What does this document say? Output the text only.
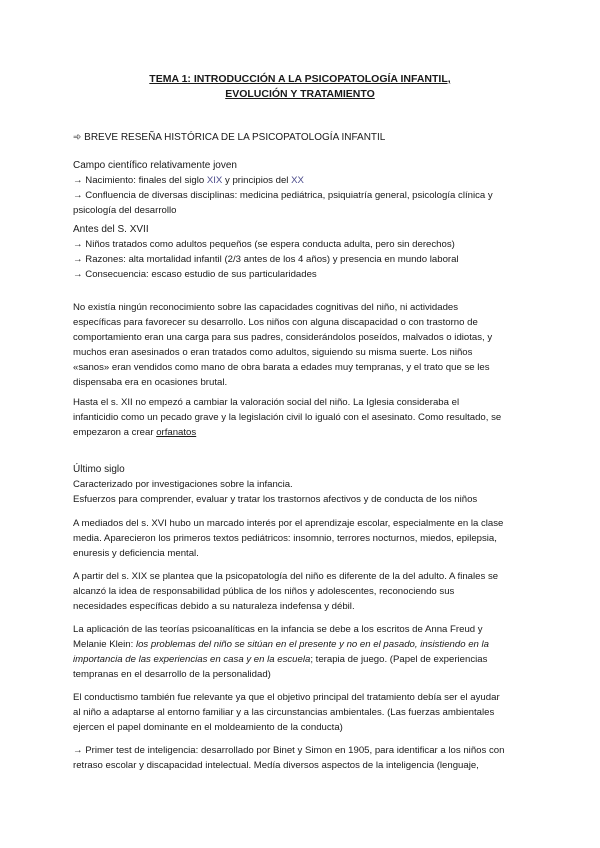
TEMA 1: INTRODUCCIÓN A LA PSICOPATOLOGÍA INFANTIL,
EVOLUCIÓN Y TRATAMIENTO
➾ BREVE RESEÑA HISTÓRICA DE LA PSICOPATOLOGÍA INFANTIL

Campo científico relativamente joven

→ Nacimiento: finales del siglo XIX y principios del XX

→ Confluencia de diversas disciplinas: medicina pediátrica, psiquiatría general, psicología clínica y

psicología del desarrollo

Antes del S. XVII

→ Niños tratados como adultos pequeños (se espera conducta adulta, pero sin derechos)

→ Razones: alta mortalidad infantil (2/3 antes de los 4 años) y presencia en mundo laboral

→ Consecuencia: escaso estudio de sus particularidades

No existía ningún reconocimiento sobre las capacidades cognitivas del niño, ni actividades

específicas para favorecer su desarrollo. Los niños con alguna discapacidad o con trastorno de

comportamiento eran una carga para sus padres, considerándolos poseídos, malvados o idiotas, y

muchos eran asesinados o eran tratados como adultos, siguiendo su misma suerte. Los niños

«sanos» eran vendidos como mano de obra barata a edades muy tempranas, y el trato que se les

dispensaba era en ocasiones brutal.

Hasta el s. XII no empezó a cambiar la valoración social del niño. La Iglesia consideraba el

infanticidio como un pecado grave y la legislación civil lo igualó con el asesinato. Como resultado, se

empezaron a crear orfanatos

Último siglo

Caracterizado por investigaciones sobre la infancia.

Esfuerzos para comprender, evaluar y tratar los trastornos afectivos y de conducta de los niños

A mediados del s. XVI hubo un marcado interés por el aprendizaje escolar, especialmente en la clase

media. Aparecieron los primeros textos pediátricos: insomnio, terrores nocturnos, miedos, epilepsia,

enuresis y deficiencia mental.

A partir del s. XIX se plantea que la psicopatología del niño es diferente de la del adulto. A finales se

alcanzó la idea de responsabilidad pública de los niños y adolescentes, reconociendo sus

necesidades específicas debido a su naturaleza indefensa y débil.

La aplicación de las teorías psicoanalíticas en la infancia se debe a los escritos de Anna Freud y

Melanie Klein: los problemas del niño se sitúan en el presente y no en el pasado, insistiendo en la

importancia de las experiencias en casa y en la escuela; terapia de juego. (Papel de experiencias

tempranas en el desarrollo de la personalidad)

El conductismo también fue relevante ya que el objetivo principal del tratamiento debía ser el ayudar

al niño a adaptarse al entorno familiar y a las circunstancias ambientales. (Las fuerzas ambientales

ejercen el papel dominante en el moldeamiento de la conducta)

→ Primer test de inteligencia: desarrollado por Binet y Simon en 1905, para identificar a los niños con

retraso escolar y discapacidad intelectual. Medía diversos aspectos de la inteligencia (lenguaje,
